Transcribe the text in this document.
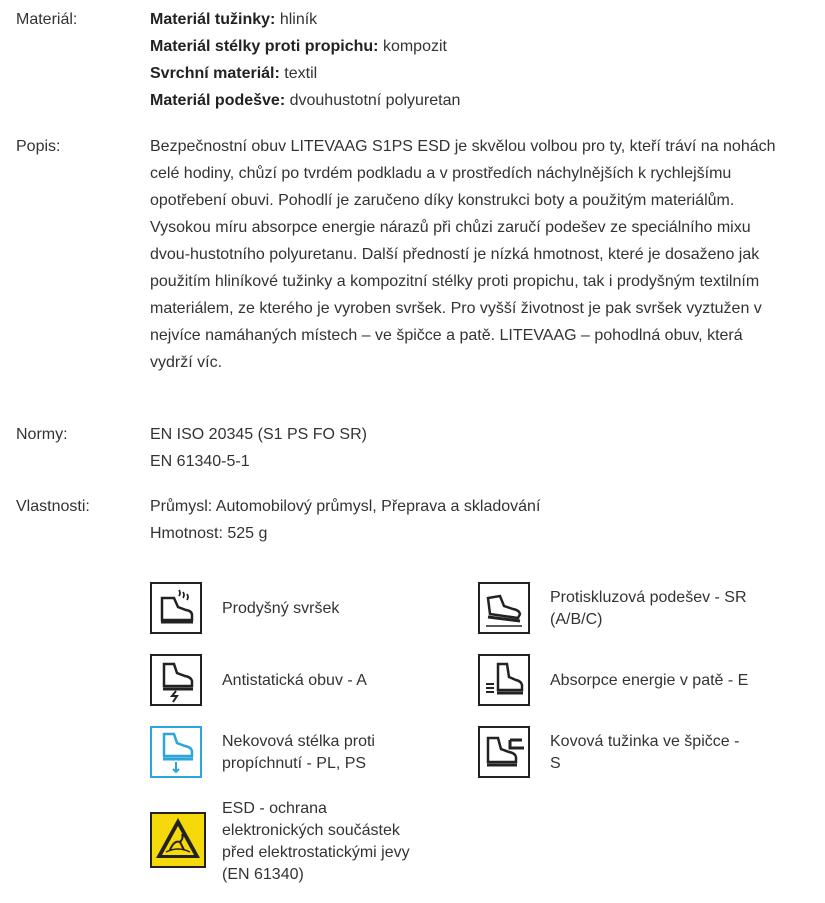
Materiál:	Materiál tužinky: hliník
Materiál stélky proti propichu: kompozit
Svrchní materiál: textil
Materiál podešve: dvouhustotní polyuretan
Popis:	Bezpečnostní obuv LITEVAAG S1PS ESD je skvělou volbou pro ty, kteří tráví na nohách celé hodiny, chůzí po tvrdém podkladu a v prostředích náchylnějších k rychlejšímu opotřebení obuvi. Pohodlí je zaručeno díky konstrukci boty a použitým materiálům. Vysokou míru absorpce energie nárazů při chůzi zaručí podešev ze speciálního mixu dvou-hustotního polyuretanu. Další předností je nízká hmotnost, které je dosaženo jak použitím hliníkové tužinky a kompozitní stélky proti propichu, tak i prodyšným textilním materiálem, ze kterého je vyroben svršek. Pro vyšší životnost je pak svršek vyztužen v nejvíce namáhaných místech – ve špičce a patě. LITEVAAG – pohodlná obuv, která vydrží víc.
Normy:	EN ISO 20345 (S1 PS FO SR)
EN 61340-5-1
Vlastnosti:	Průmysl: Automobilový průmysl, Přeprava a skladování
Hmotnost: 525 g
Prodyšný svršek
Protiskluzová podešev - SR
(A/B/C)
Antistatická obuv - A	Absorpce energie v patě - E
Nekovová stélka proti
propíchnutí - PL, PS
Kovová tužinka ve špičce -
S
ESD - ochrana
elektronických součástek
před elektrostatickými jevy
(EN 61340)
